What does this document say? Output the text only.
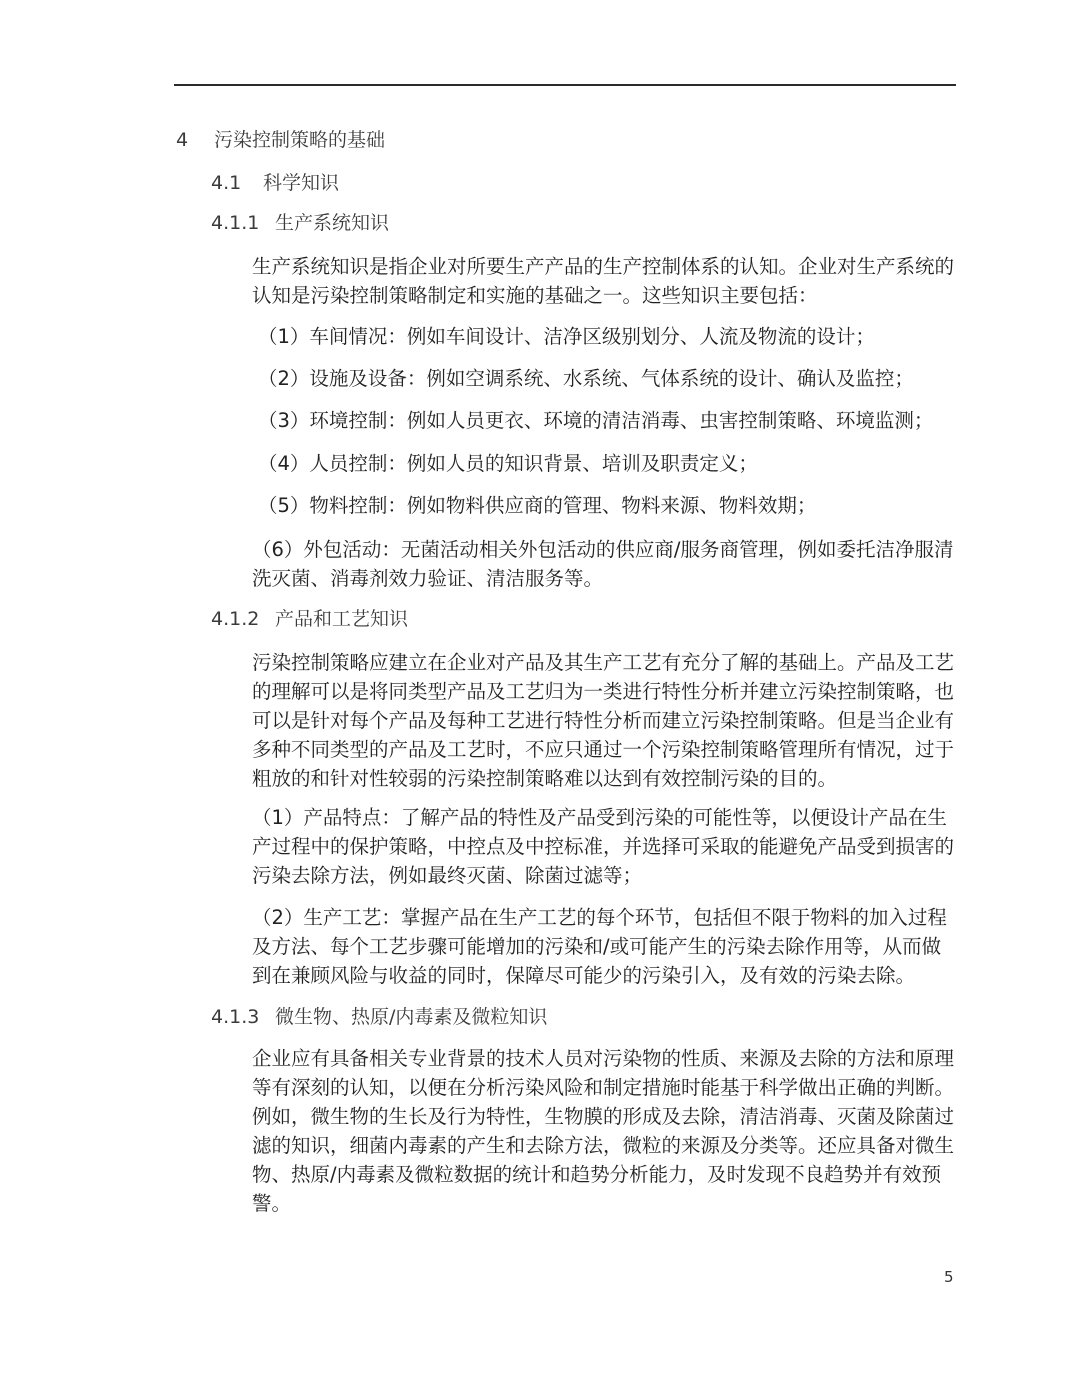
4 污染控制策略的基础
4.1 科学知识
4.1.1 生产系统知识
生产系统知识是指企业对所要生产产品的生产控制体系的认知。企业对生产系统的
认知是污染控制策略制定和实施的基础之一。这些知识主要包括：
（1）车间情况：例如车间设计、洁净区级别划分、人流及物流的设计；
（2）设施及设备：例如空调系统、水系统、气体系统的设计、确认及监控；
（3）环境控制：例如人员更衣、环境的清洁消毒、虫害控制策略、环境监测；
（4）人员控制：例如人员的知识背景、培训及职责定义；
（5）物料控制：例如物料供应商的管理、物料来源、物料效期；
（6）外包活动：无菌活动相关外包活动的供应商/服务商管理，例如委托洁净服清
洗灭菌、消毒剂效力验证、清洁服务等。
4.1.2 产品和工艺知识
污染控制策略应建立在企业对产品及其生产工艺有充分了解的基础上。产品及工艺
的理解可以是将同类型产品及工艺归为一类进行特性分析并建立污染控制策略，也
可以是针对每个产品及每种工艺进行特性分析而建立污染控制策略。但是当企业有
多种不同类型的产品及工艺时，不应只通过一个污染控制策略管理所有情况，过于
粗放的和针对性较弱的污染控制策略难以达到有效控制污染的目的。
（1）产品特点：了解产品的特性及产品受到污染的可能性等，以便设计产品在生
产过程中的保护策略，中控点及中控标准，并选择可采取的能避免产品受到损害的
污染去除方法，例如最终灭菌、除菌过滤等；
（2）生产工艺：掌握产品在生产工艺的每个环节，包括但不限于物料的加入过程
及方法、每个工艺步骤可能增加的污染和/或可能产生的污染去除作用等，从而做
到在兼顾风险与收益的同时，保障尽可能少的污染引入，及有效的污染去除。
4.1.3 微生物、热原/内毒素及微粒知识
企业应有具备相关专业背景的技术人员对污染物的性质、来源及去除的方法和原理
等有深刻的认知，以便在分析污染风险和制定措施时能基于科学做出正确的判断。
例如，微生物的生长及行为特性，生物膜的形成及去除，清洁消毒、灭菌及除菌过
滤的知识，细菌内毒素的产生和去除方法，微粒的来源及分类等。还应具备对微生
物、热原/内毒素及微粒数据的统计和趋势分析能力，及时发现不良趋势并有效预
警。
5
